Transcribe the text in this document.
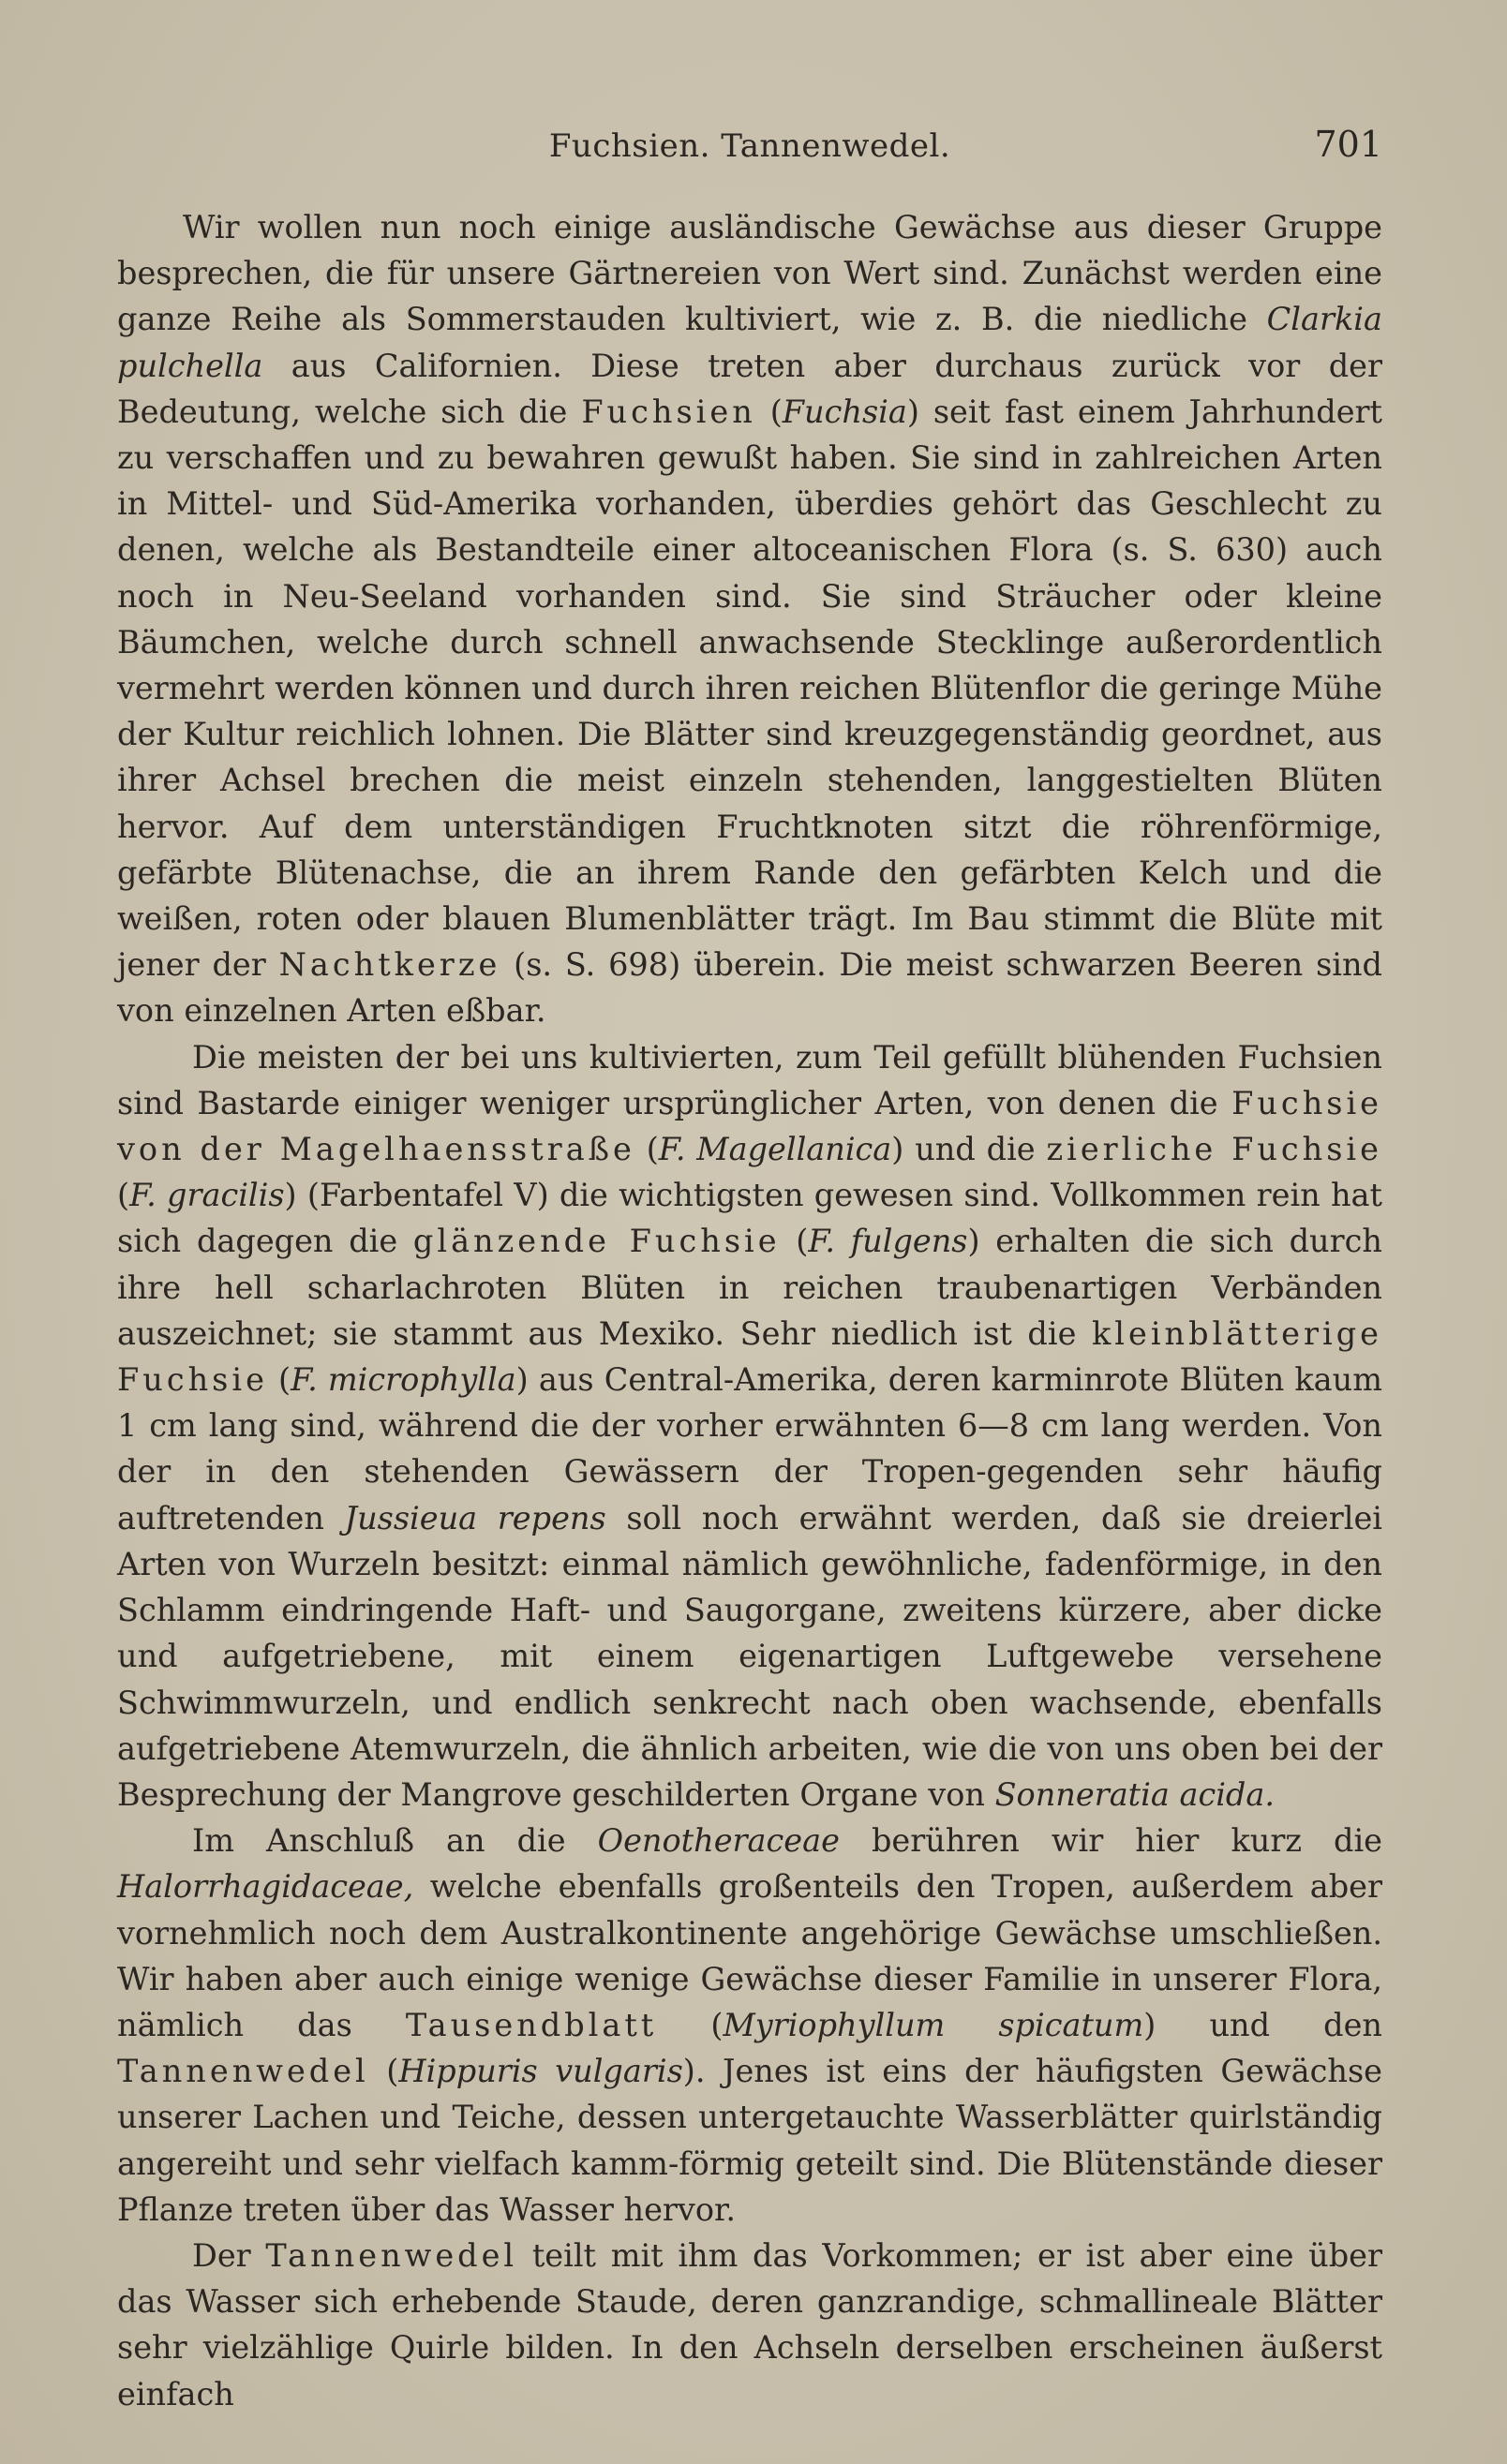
Fuchsien. Tannenwedel.	701

Wir wollen nun noch einige ausländische Gewächse aus dieser Gruppe besprechen, die für unsere Gärtnereien von Wert sind. Zunächst werden eine ganze Reihe als Sommerstauden kultiviert, wie z. B. die niedliche Clarkia pulchella aus Californien. Diese treten aber durchaus zurück vor der Bedeutung, welche sich die Fuchsien (Fuchsia) seit fast einem Jahrhundert zu verschaffen und zu bewahren gewußt haben. Sie sind in zahlreichen Arten in Mittel- und Süd-Amerika vorhanden, überdies gehört das Geschlecht zu denen, welche als Bestandteile einer altoceanischen Flora (s. S. 630) auch noch in Neu-Seeland vorhanden sind. Sie sind Sträucher oder kleine Bäumchen, welche durch schnell anwachsende Stecklinge außerordentlich vermehrt werden können und durch ihren reichen Blütenflor die geringe Mühe der Kultur reichlich lohnen. Die Blätter sind kreuzgegenständig geordnet, aus ihrer Achsel brechen die meist einzeln stehenden, langgestielten Blüten hervor. Auf dem unterständigen Fruchtknoten sitzt die röhrenförmige, gefärbte Blütenachse, die an ihrem Rande den gefärbten Kelch und die weißen, roten oder blauen Blumenblätter trägt. Im Bau stimmt die Blüte mit jener der Nachtkerze (s. S. 698) überein. Die meist schwarzen Beeren sind von einzelnen Arten eßbar.

Die meisten der bei uns kultivierten, zum Teil gefüllt blühenden Fuchsien sind Bastarde einiger weniger ursprünglicher Arten, von denen die Fuchsie von der Magelhaensstraße (F. Magellanica) und die zierliche Fuchsie (F. gracilis) (Farbentafel V) die wichtigsten gewesen sind. Vollkommen rein hat sich dagegen die glänzende Fuchsie (F. fulgens) erhalten die sich durch ihre hell scharlachroten Blüten in reichen traubenartigen Verbänden auszeichnet; sie stammt aus Mexiko. Sehr niedlich ist die kleinblätterige Fuchsie (F. microphylla) aus Central-Amerika, deren karminrote Blüten kaum 1 cm lang sind, während die der vorher erwähnten 6—8 cm lang werden. Von der in den stehenden Gewässern der Tropen-gegenden sehr häufig auftretenden Jussieua repens soll noch erwähnt werden, daß sie dreierlei Arten von Wurzeln besitzt: einmal nämlich gewöhnliche, fadenförmige, in den Schlamm eindringende Haft- und Saugorgane, zweitens kürzere, aber dicke und aufgetriebene, mit einem eigenartigen Luftgewebe versehene Schwimmwurzeln, und endlich senkrecht nach oben wachsende, ebenfalls aufgetriebene Atemwurzeln, die ähnlich arbeiten, wie die von uns oben bei der Besprechung der Mangrove geschilderten Organe von Sonneratia acida.

Im Anschluß an die Oenotheraceae berühren wir hier kurz die Halorrhagidaceae, welche ebenfalls großenteils den Tropen, außerdem aber vornehmlich noch dem Australkontinente angehörige Gewächse umschließen. Wir haben aber auch einige wenige Gewächse dieser Familie in unserer Flora, nämlich das Tausendblatt (Myriophyllum spicatum) und den Tannenwedel (Hippuris vulgaris). Jenes ist eins der häufigsten Gewächse unserer Lachen und Teiche, dessen untergetauchte Wasserblätter quirlständig angereiht und sehr vielfach kamm-förmig geteilt sind. Die Blütenstände dieser Pflanze treten über das Wasser hervor.

Der Tannenwedel teilt mit ihm das Vorkommen; er ist aber eine über das Wasser sich erhebende Staude, deren ganzrandige, schmallineale Blätter sehr vielzählige Quirle bilden. In den Achseln derselben erscheinen äußerst einfach
